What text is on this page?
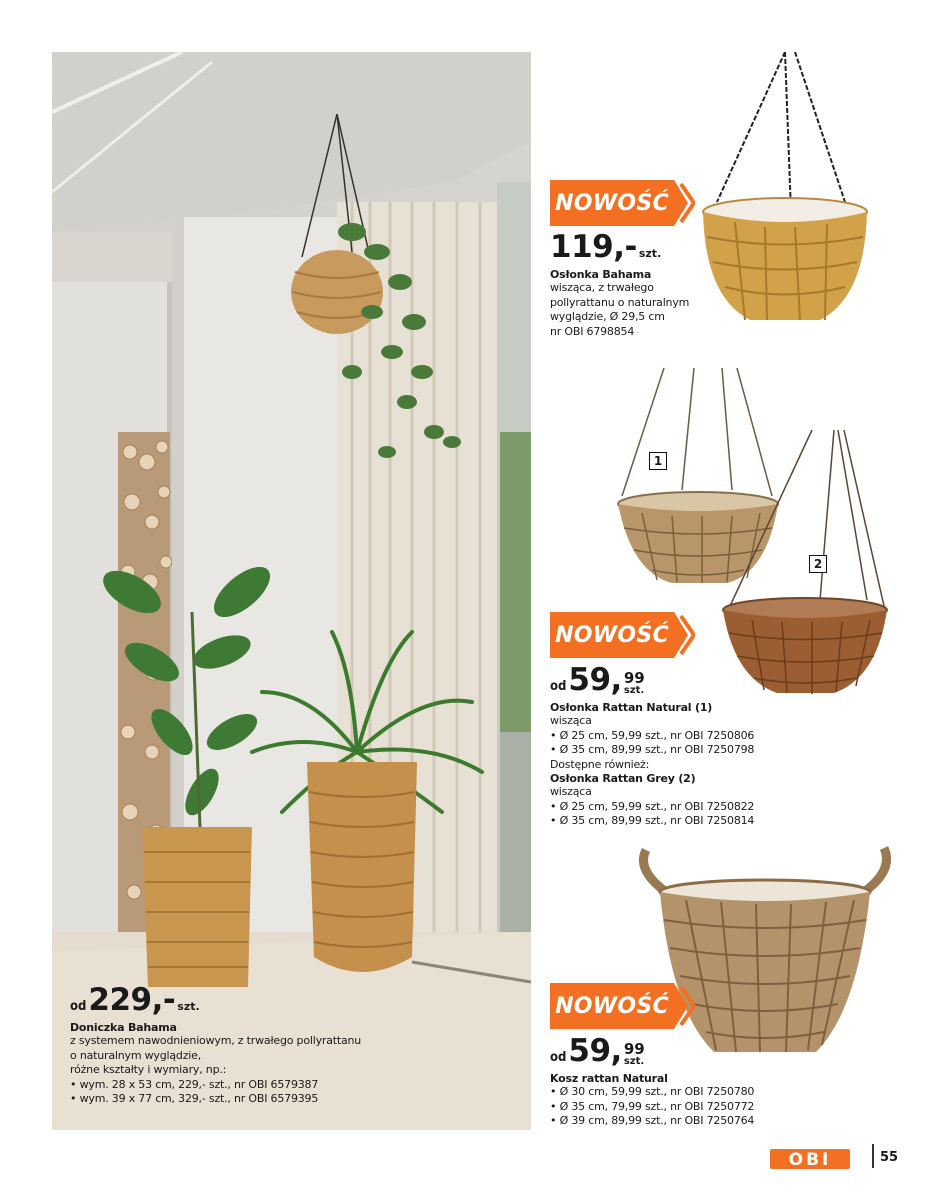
od 229,- szt.
Doniczka Bahama
z systemem nawodnieniowym, z trwałego pollyrattanu
o naturalnym wyglądzie,
różne kształty i wymiary, np.:
• wym. 28 x 53 cm, 229,- szt., nr OBI 6579387
• wym. 39 x 77 cm, 329,- szt., nr OBI 6579395
NOWOŚĆ
119,- szt.
Osłonka Bahama
wisząca, z trwałego
pollyrattanu o naturalnym
wyglądzie, Ø 29,5 cm
nr OBI 6798854
1
2
NOWOŚĆ
od 59, 99
szt.
Osłonka Rattan Natural (1)
wisząca
• Ø 25 cm, 59,99 szt., nr OBI 7250806
• Ø 35 cm, 89,99 szt., nr OBI 7250798
Dostępne również:
Osłonka Rattan Grey (2)
wisząca
• Ø 25 cm, 59,99 szt., nr OBI 7250822
• Ø 35 cm, 89,99 szt., nr OBI 7250814
NOWOŚĆ
od 59, 99
szt.
Kosz rattan Natural
• Ø 30 cm, 59,99 szt., nr OBI 7250780
• Ø 35 cm, 79,99 szt., nr OBI 7250772
• Ø 39 cm, 89,99 szt., nr OBI 7250764
OBI	55
